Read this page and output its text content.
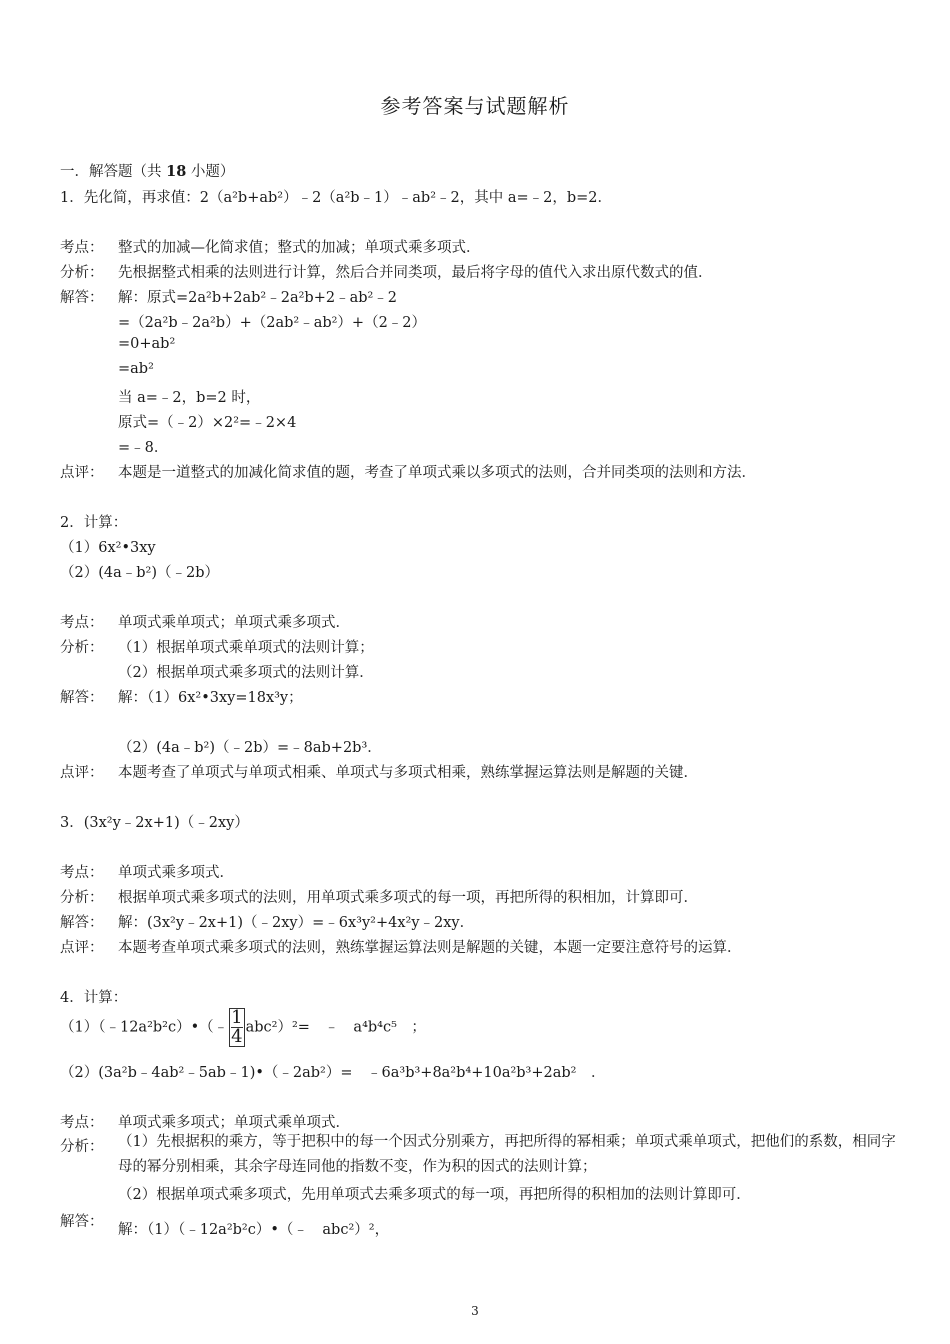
参考答案与试题解析
一．解答题（共 18 小题）
1．先化简，再求值：2（a²b+ab²）﹣2（a²b﹣1）﹣ab²﹣2，其中 a=﹣2，b=2．
考点： 整式的加减—化简求值；整式的加减；单项式乘多项式．
分析： 先根据整式相乘的法则进行计算，然后合并同类项，最后将字母的值代入求出原代数式的值．
解答： 解：原式=2a²b+2ab²﹣2a²b+2﹣ab²﹣2
=（2a²b﹣2a²b）+（2ab²﹣ab²）+（2﹣2）
=0+ab²
=ab²
当 a=﹣2，b=2 时，
原式=（﹣2）×2²=﹣2×4
=﹣8．
点评： 本题是一道整式的加减化简求值的题，考查了单项式乘以多项式的法则，合并同类项的法则和方法．
2．计算：
（1）6x²•3xy
（2）(4a﹣b²)（﹣2b）
考点： 单项式乘单项式；单项式乘多项式．
分析： （1）根据单项式乘单项式的法则计算；
（2）根据单项式乘多项式的法则计算．
解答： 解：（1）6x²•3xy=18x³y；
（2）(4a﹣b²)（﹣2b）=﹣8ab+2b³．
点评： 本题考查了单项式与单项式相乘、单项式与多项式相乘，熟练掌握运算法则是解题的关键．
3．(3x²y﹣2x+1)（﹣2xy）
考点： 单项式乘多项式．
分析： 根据单项式乘多项式的法则，用单项式乘多项式的每一项，再把所得的积相加，计算即可．
解答： 解：(3x²y﹣2x+1)（﹣2xy）=﹣6x³y²+4x²y﹣2xy．
点评： 本题考查单项式乘多项式的法则，熟练掌握运算法则是解题的关键，本题一定要注意符号的运算．
4．计算：
（1）（﹣12a²b²c）•（﹣ $\frac{1}{4} abc^2)^2=$　﹣　a⁴b⁴c⁵　；
（2）(3a²b﹣4ab²﹣5ab﹣1)•（﹣2ab²）=　﹣6a³b³+8a²b⁴+10a²b³+2ab²　．
考点： 单项式乘多项式；单项式乘单项式．
分析： （1）先根据积的乘方，等于把积中的每一个因式分别乘方，再把所得的幂相乘；单项式乘单项式，把他们的系数，相同字母的幂分别相乘，其余字母连同他的指数不变，作为积的因式的法则计算；
（2）根据单项式乘多项式，先用单项式去乘多项式的每一项，再把所得的积相加的法则计算即可．
解答： 解：（1）（﹣12a²b²c）•（﹣　abc²）²，
3
